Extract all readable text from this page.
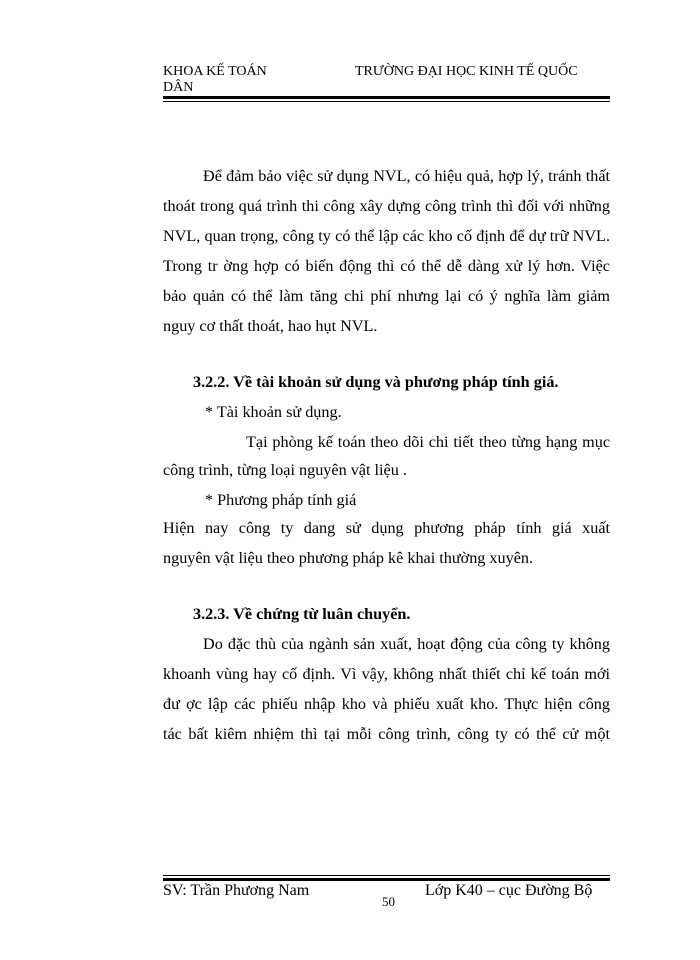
KHOA KẾ TOÁN	TRƯỜNG ĐẠI HỌC KINH TẾ QUỐC
DÂN
Để đảm bảo việc sử dụng NVL, có hiệu quả, hợp lý, tránh thất
thoát trong quá trình thi công xây dựng công trình thì đối với những
NVL, quan trọng, công ty có thể lập các kho cố định để dự trữ NVL.
Trong tr ờng hợp có biến động thì có thể dễ dàng xử lý hơn. Việc
bảo quản có thể làm tăng chi phí nhưng lại có ý nghĩa làm giảm
nguy cơ thất thoát, hao hụt NVL.
3.2.2. Về tài khoản sử dụng và phương pháp tính giá.
* Tài khoản sử dụng.
Tại phòng kế toán theo dõi chi tiết theo từng hạng mục
công trình, từng loại nguyên vật liệu .
* Phương pháp tính giá
Hiện nay công ty dang sử dụng phương pháp tính giá xuất
nguyên vật liệu theo phương pháp kê khai thường xuyên.
3.2.3. Về chứng từ luân chuyển.
Do đặc thù của ngành sản xuất, hoạt động của công ty không
khoanh vùng hay cố định. Vì vậy, không nhất thiết chỉ kế toán mới
đư ợc lập các phiếu nhập kho và phiếu xuất kho. Thực hiện công
tác bất kiêm nhiệm thì tại mỗi công trình, công ty có thể cử một
SV: Trần Phương Nam	Lớp K40 – cục Đường Bộ
50
